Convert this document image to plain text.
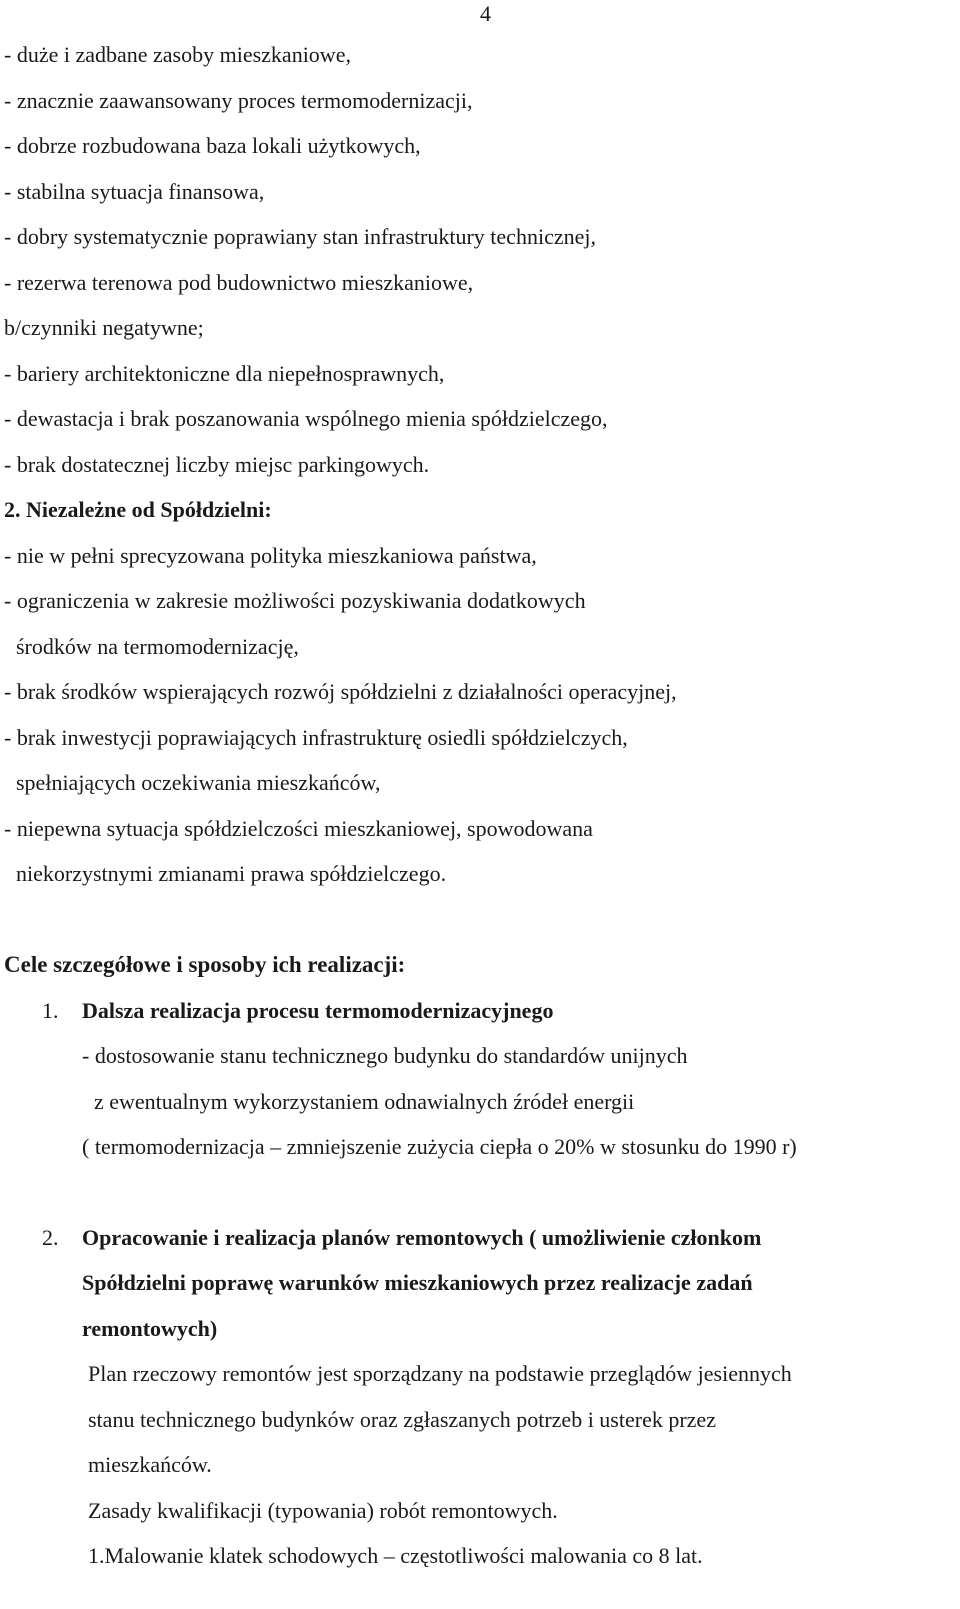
4
- duże i zadbane zasoby mieszkaniowe,
- znacznie zaawansowany proces termomodernizacji,
- dobrze rozbudowana baza lokali użytkowych,
- stabilna sytuacja finansowa,
- dobry systematycznie poprawiany stan infrastruktury technicznej,
- rezerwa terenowa pod budownictwo mieszkaniowe,
b/czynniki negatywne;
- bariery architektoniczne dla niepełnosprawnych,
- dewastacja i brak poszanowania wspólnego mienia spółdzielczego,
- brak dostatecznej liczby miejsc parkingowych.
2. Niezależne od Spółdzielni:
- nie w pełni sprecyzowana polityka mieszkaniowa państwa,
- ograniczenia w zakresie możliwości pozyskiwania dodatkowych
środków na termomodernizację,
- brak środków wspierających rozwój spółdzielni z działalności operacyjnej,
- brak inwestycji poprawiających infrastrukturę osiedli spółdzielczych,
spełniających oczekiwania mieszkańców,
- niepewna sytuacja spółdzielczości mieszkaniowej, spowodowana
niekorzystnymi zmianami prawa spółdzielczego.
Cele szczegółowe i sposoby ich realizacji:
1. Dalsza realizacja procesu termomodernizacyjnego
- dostosowanie stanu technicznego budynku do standardów unijnych
z ewentualnym wykorzystaniem odnawialnych źródeł energii
( termomodernizacja – zmniejszenie zużycia ciepła o 20% w stosunku do 1990 r)
2. Opracowanie i realizacja planów remontowych ( umożliwienie członkom
Spółdzielni poprawę warunków mieszkaniowych przez realizacje zadań
remontowych)
Plan rzeczowy remontów jest sporządzany na podstawie przeglądów jesiennych
stanu technicznego budynków oraz zgłaszanych potrzeb i usterek przez
mieszkańców.
Zasady kwalifikacji (typowania) robót remontowych.
1.Malowanie klatek schodowych – częstotliwości malowania co 8 lat.
